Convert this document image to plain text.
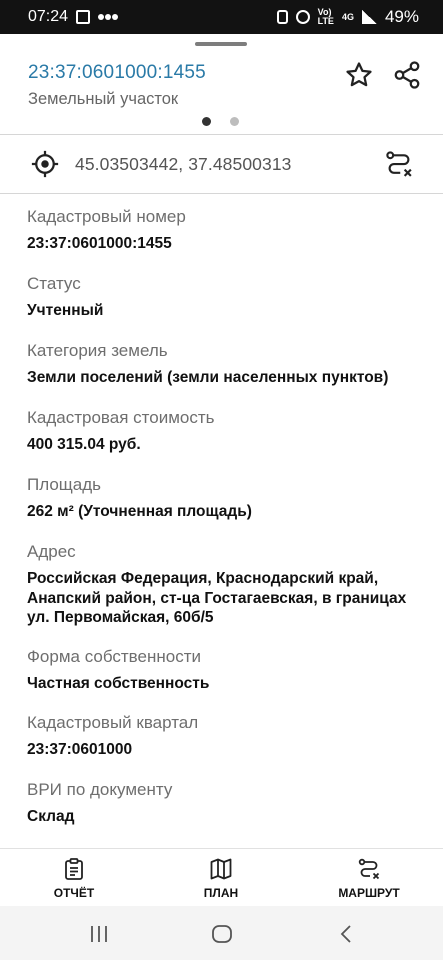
07:24	Vo)
LTE 4G 49%
23:37:0601000:1455
Земельный участок
45.03503442, 37.48500313
Кадастровый номер
23:37:0601000:1455
Статус
Учтенный
Категория земель
Земли поселений (земли населенных пунктов)
Кадастровая стоимость
400 315.04 руб.
Площадь
262 м² (Уточненная площадь)
Адрес
Российская Федерация, Краснодарский край, Анапский район, ст-ца Гостагаевская, в границах ул. Первомайская, 60б/5
Форма собственности
Частная собственность
Кадастровый квартал
23:37:0601000
ВРИ по документу
Склад
ОТЧЁТ	ПЛАН	МАРШРУТ
